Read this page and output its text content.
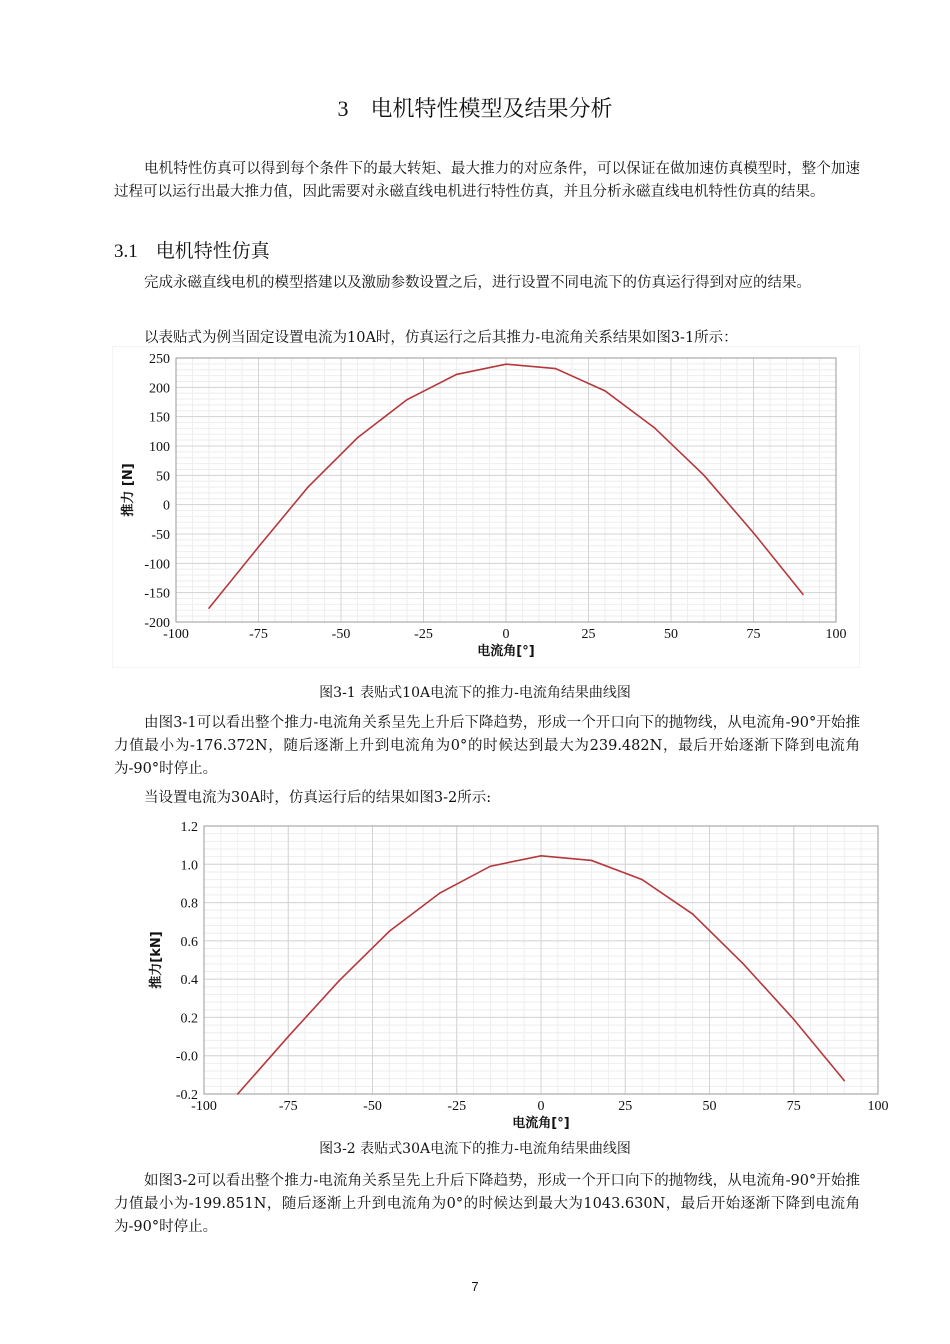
3 电机特性模型及结果分析
电机特性仿真可以得到每个条件下的最大转矩、最大推力的对应条件，可以保证在做加速仿真模型时，整个加速过程可以运行出最大推力值，因此需要对永磁直线电机进行特性仿真，并且分析永磁直线电机特性仿真的结果。
3.1 电机特性仿真
完成永磁直线电机的模型搭建以及激励参数设置之后，进行设置不同电流下的仿真运行得到对应的结果。
以表贴式为例当固定设置电流为10A时，仿真运行之后其推力-电流角关系结果如图3-1所示：
250
200
150
100
50
0
-50
-100
-150
-200
-100	-75	-50	-25	0	25	50	75	100
电流角[°]
推力 [N]
图3-1 表贴式10A电流下的推力-电流角结果曲线图
由图3-1可以看出整个推力-电流角关系呈先上升后下降趋势，形成一个开口向下的抛物线，从电流角-90°开始推力值最小为-176.372N，随后逐渐上升到电流角为0°的时候达到最大为239.482N，最后开始逐渐下降到电流角为-90°时停止。
当设置电流为30A时，仿真运行后的结果如图3-2所示:
1.2
1.0
0.8
0.6
0.4
0.2
-0.0
-0.2
-100	-75	-50	-25	0	25	50	75	100
电流角[°]
推力[kN]
图3-2 表贴式30A电流下的推力-电流角结果曲线图
如图3-2可以看出整个推力-电流角关系呈先上升后下降趋势，形成一个开口向下的抛物线，从电流角-90°开始推力值最小为-199.851N，随后逐渐上升到电流角为0°的时候达到最大为1043.630N，最后开始逐渐下降到电流角为-90°时停止。
7
